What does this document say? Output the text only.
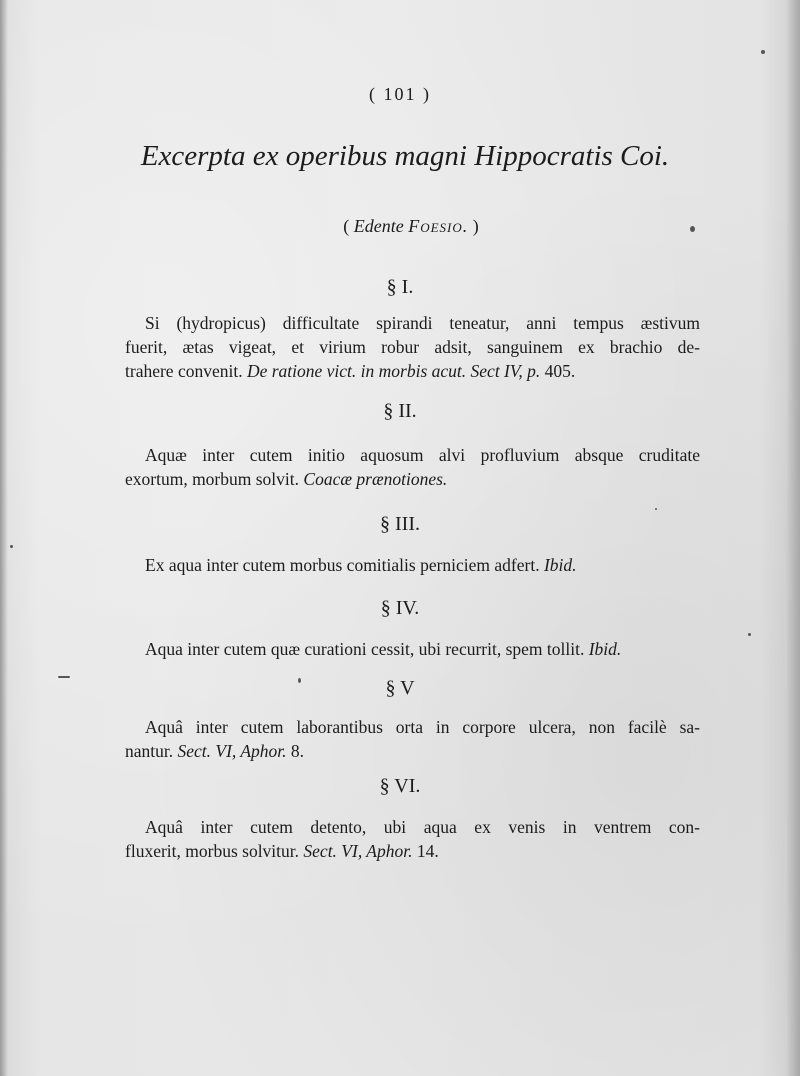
( 101 )
Excerpta ex operibus magni Hippocratis Coi.
( Edente Foesio. )
§ I.
Si (hydropicus) difficultate spirandi teneatur, anni tempus æstivum
fuerit, ætas vigeat, et virium robur adsit, sanguinem ex brachio de-
trahere convenit. De ratione vict. in morbis acut. Sect IV, p. 405.
§ II.
Aquæ inter cutem initio aquosum alvi profluvium absque cruditate
exortum, morbum solvit. Coacæ prænotiones.
§ III.
Ex aqua inter cutem morbus comitialis perniciem adfert. Ibid.
§ IV.
Aqua inter cutem quæ curationi cessit, ubi recurrit, spem tollit. Ibid.
§ V
Aquâ inter cutem laborantibus orta in corpore ulcera, non facilè sa-
nantur. Sect. VI, Aphor. 8.
§ VI.
Aquâ inter cutem detento, ubi aqua ex venis in ventrem con-
fluxerit, morbus solvitur. Sect. VI, Aphor. 14.
